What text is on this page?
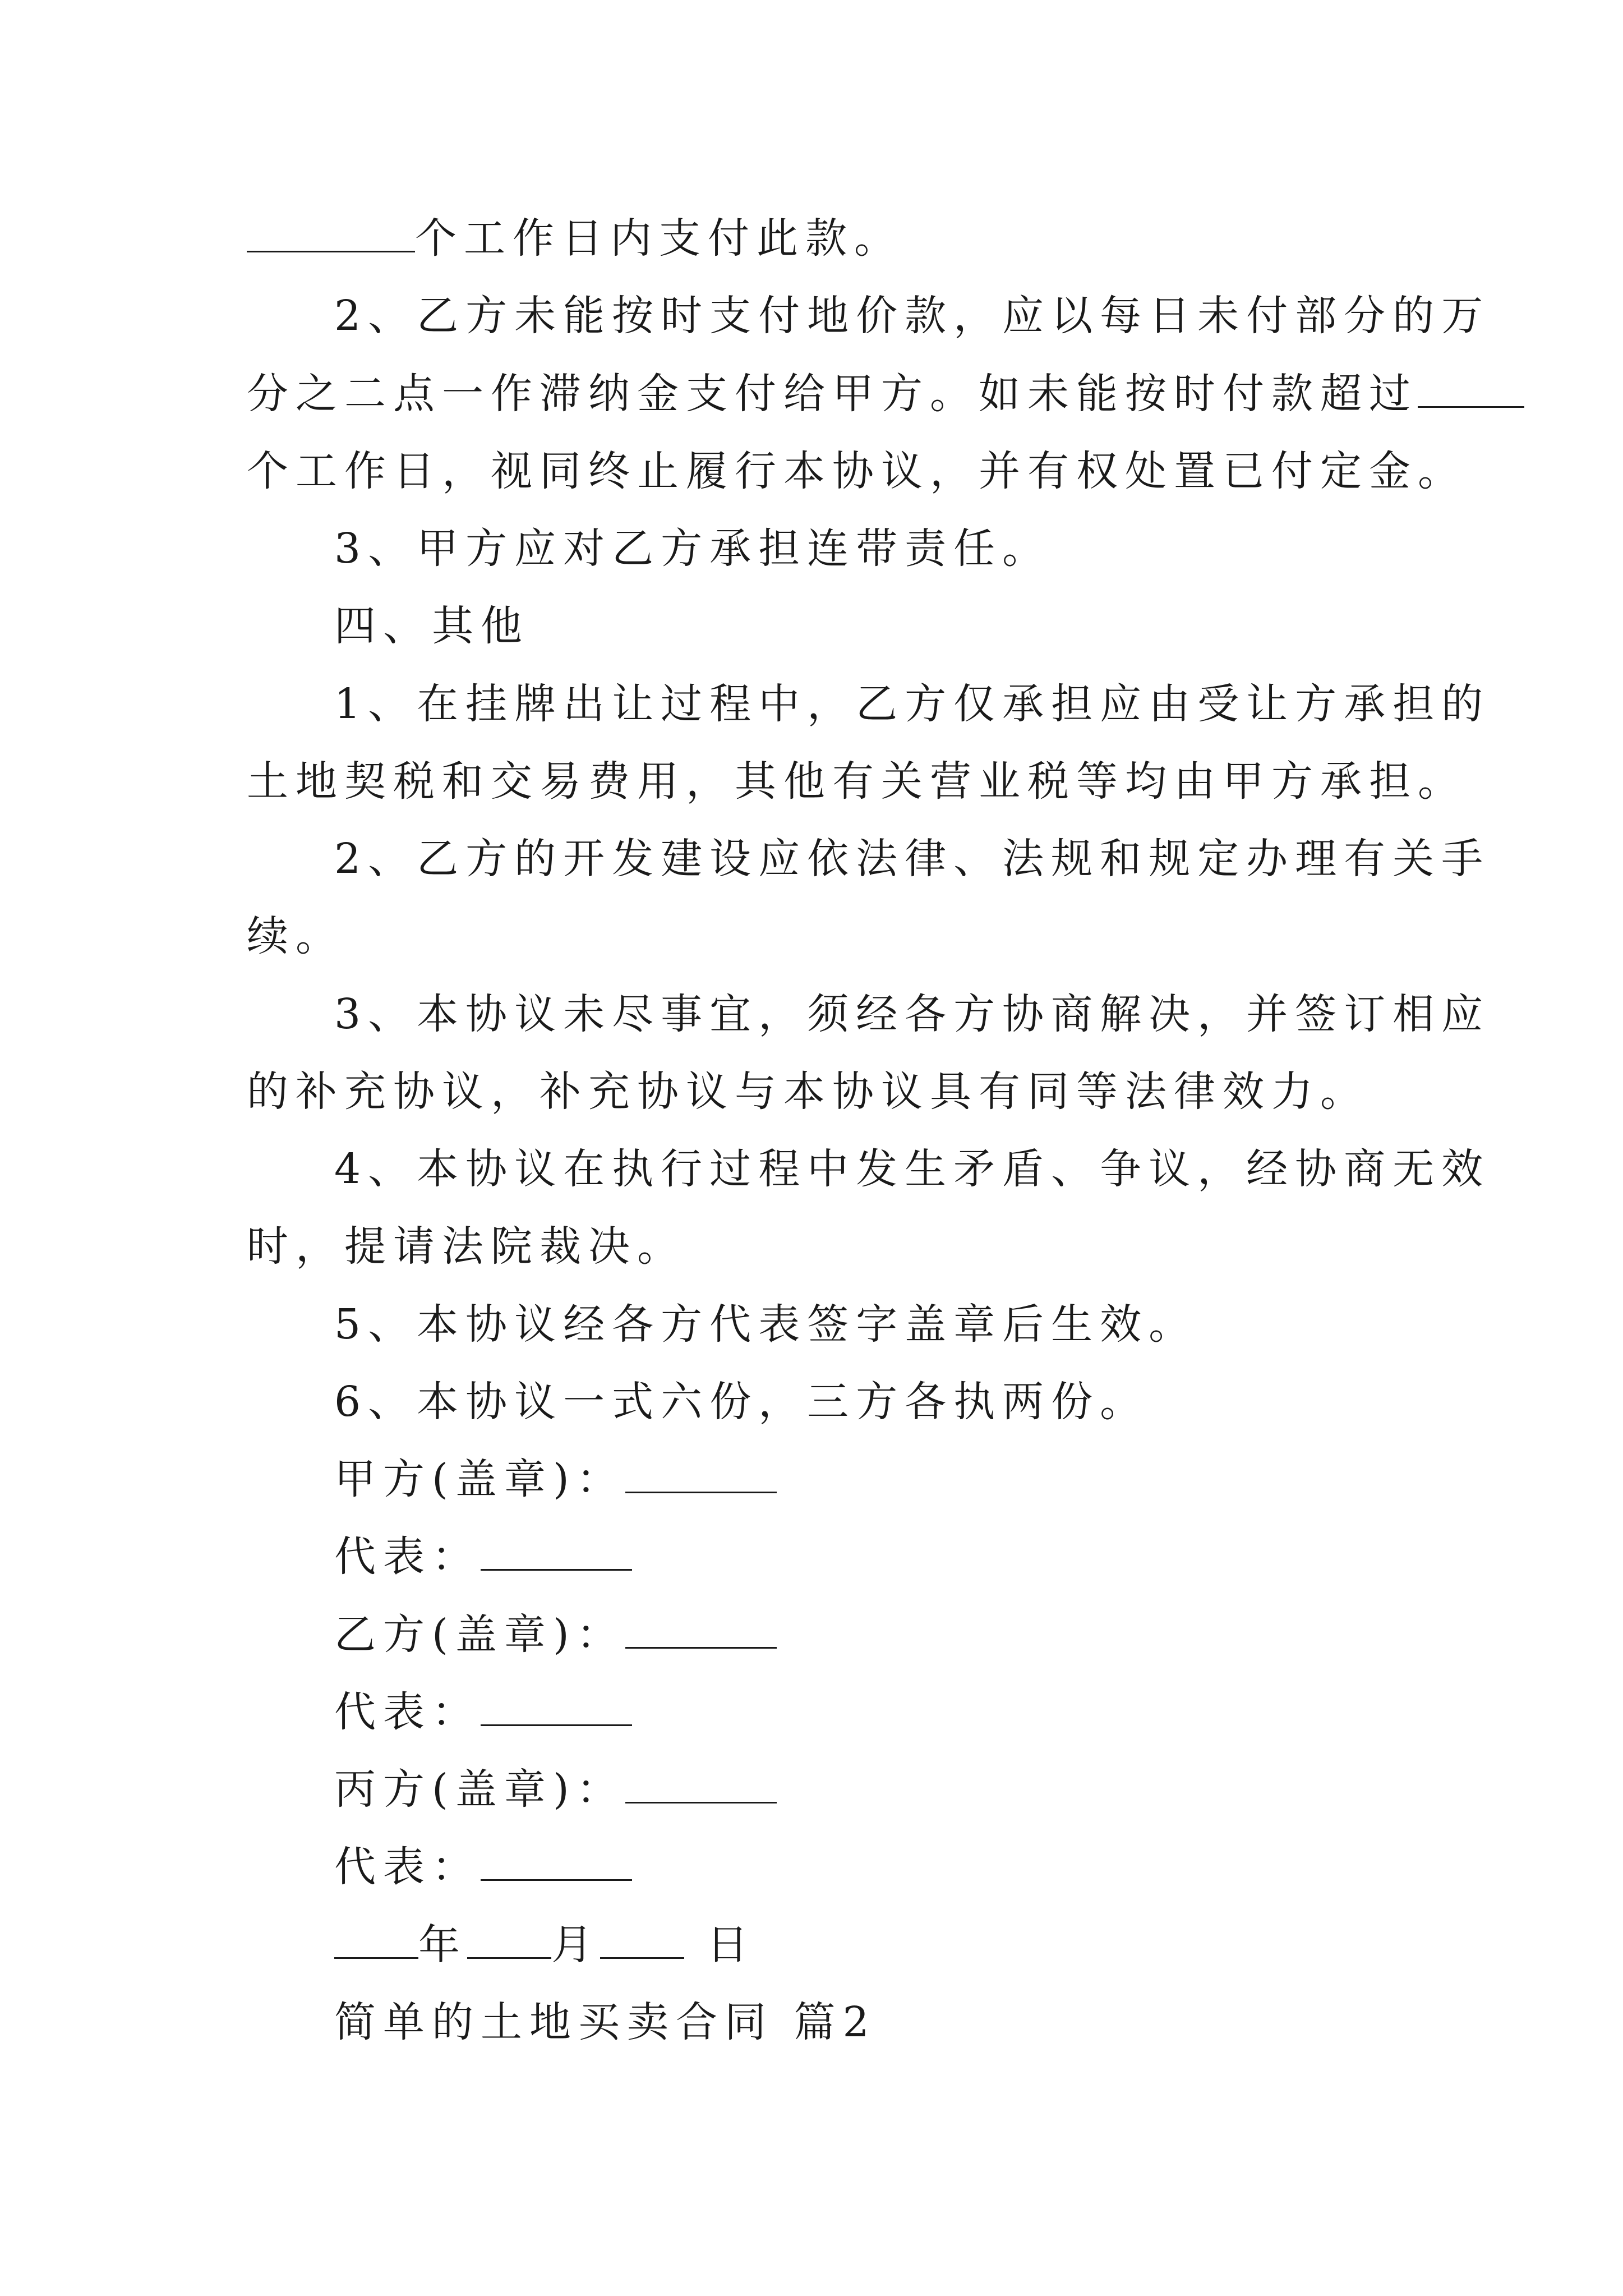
个工作日内支付此款。
2、乙方未能按时支付地价款，应以每日未付部分的万
分之二点一作滞纳金支付给甲方。如未能按时付款超过
个工作日，视同终止履行本协议，并有权处置已付定金。
3、甲方应对乙方承担连带责任。
四、其他
1、在挂牌出让过程中，乙方仅承担应由受让方承担的
土地契税和交易费用，其他有关营业税等均由甲方承担。
2、乙方的开发建设应依法律、法规和规定办理有关手
续。
3、本协议未尽事宜，须经各方协商解决，并签订相应
的补充协议，补充协议与本协议具有同等法律效力。
4、本协议在执行过程中发生矛盾、争议，经协商无效
时，提请法院裁决。
5、本协议经各方代表签字盖章后生效。
6、本协议一式六份，三方各执两份。
甲方(盖章)：
代表：
乙方(盖章)：
代表：
丙方(盖章)：
代表：
年 月	日
简单的土地买卖合同 篇2
